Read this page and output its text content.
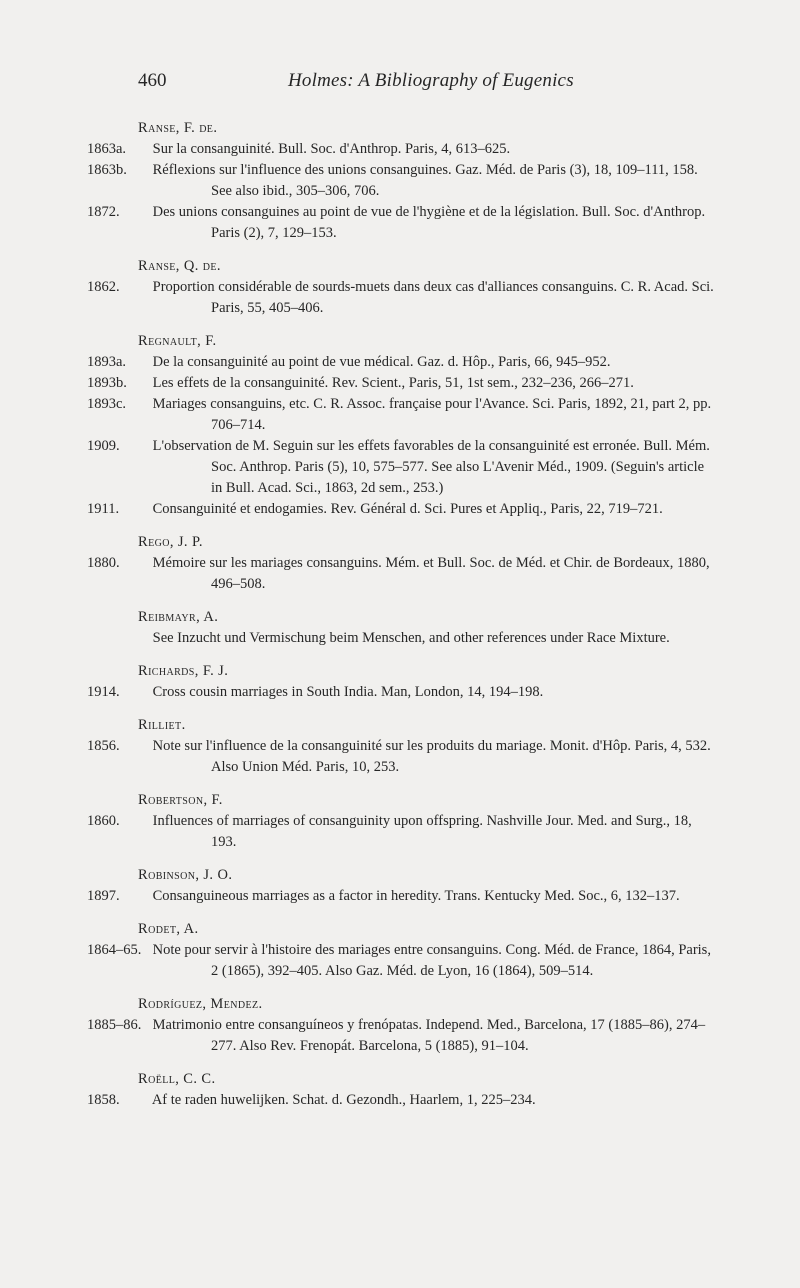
460	Holmes: A Bibliography of Eugenics
Ranse, F. de.
1863a. Sur la consanguinité. Bull. Soc. d'Anthrop. Paris, 4, 613–625.
1863b. Réflexions sur l'influence des unions consanguines. Gaz. Méd. de Paris (3), 18, 109–111, 158. See also ibid., 305–306, 706.
1872. Des unions consanguines au point de vue de l'hygiène et de la législation. Bull. Soc. d'Anthrop. Paris (2), 7, 129–153.
Ranse, Q. de.
1862. Proportion considérable de sourds-muets dans deux cas d'alliances consanguins. C. R. Acad. Sci. Paris, 55, 405–406.
Regnault, F.
1893a. De la consanguinité au point de vue médical. Gaz. d. Hôp., Paris, 66, 945–952.
1893b. Les effets de la consanguinité. Rev. Scient., Paris, 51, 1st sem., 232–236, 266–271.
1893c. Mariages consanguins, etc. C. R. Assoc. française pour l'Avance. Sci. Paris, 1892, 21, part 2, pp. 706–714.
1909. L'observation de M. Seguin sur les effets favorables de la consanguinité est erronée. Bull. Mém. Soc. Anthrop. Paris (5), 10, 575–577. See also L'Avenir Méd., 1909. (Seguin's article in Bull. Acad. Sci., 1863, 2d sem., 253.)
1911. Consanguinité et endogamies. Rev. Général d. Sci. Pures et Appliq., Paris, 22, 719–721.
Rego, J. P.
1880. Mémoire sur les mariages consanguins. Mém. et Bull. Soc. de Méd. et Chir. de Bordeaux, 1880, 496–508.
Reibmayr, A.
See Inzucht und Vermischung beim Menschen, and other references under Race Mixture.
Richards, F. J.
1914. Cross cousin marriages in South India. Man, London, 14, 194–198.
Rilliet.
1856. Note sur l'influence de la consanguinité sur les produits du mariage. Monit. d'Hôp. Paris, 4, 532. Also Union Méd. Paris, 10, 253.
Robertson, F.
1860. Influences of marriages of consanguinity upon offspring. Nashville Jour. Med. and Surg., 18, 193.
Robinson, J. O.
1897. Consanguineous marriages as a factor in heredity. Trans. Kentucky Med. Soc., 6, 132–137.
Rodet, A.
1864–65. Note pour servir à l'histoire des mariages entre consanguins. Cong. Méd. de France, 1864, Paris, 2 (1865), 392–405. Also Gaz. Méd. de Lyon, 16 (1864), 509–514.
Rodríguez, Mendez.
1885–86. Matrimonio entre consanguíneos y frenópatas. Independ. Med., Barcelona, 17 (1885–86), 274–277. Also Rev. Frenopát. Barcelona, 5 (1885), 91–104.
Roëll, C. C.
1858. Af te raden huwelijken. Schat. d. Gezondh., Haarlem, 1, 225–234.
